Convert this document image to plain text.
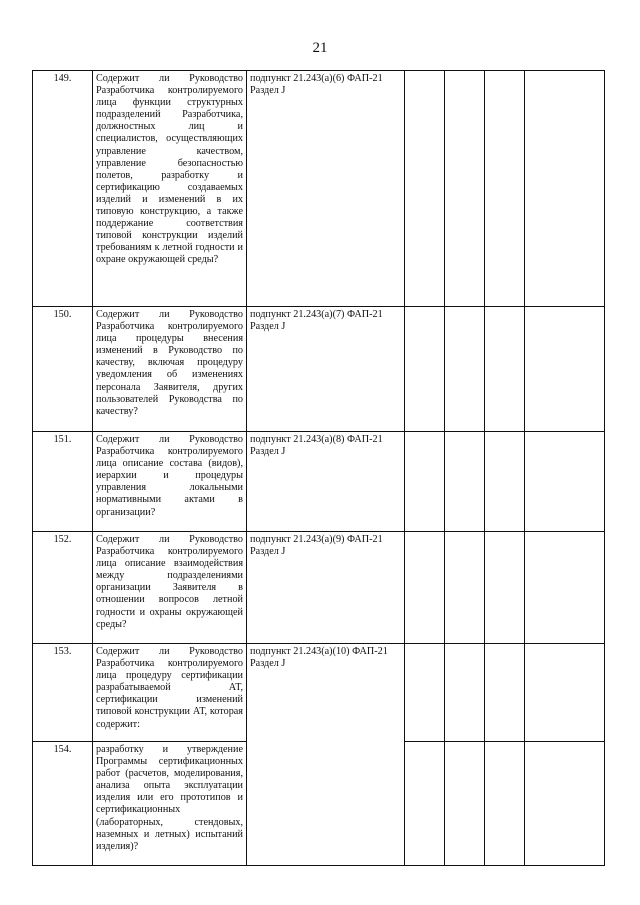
21
149.	Содержит ли Руководство Разработчика контролируемого лица функции структурных подразделений Разработчика, должностных лиц и специалистов, осуществляющих управление качеством, управление безопасностью полетов, разработку и сертификацию создаваемых изделий и изменений в их типовую конструкцию, а также поддержание соответствия типовой конструкции изделий требованиям к летной годности и охране окружающей среды?	подпункт 21.243(а)(6) ФАП-21
Раздел J				

150.	Содержит ли Руководство Разработчика контролируемого лица процедуры внесения изменений в Руководство по качеству, включая процедуру уведомления об изменениях персонала Заявителя, других пользователей Руководства по качеству?	подпункт 21.243(а)(7) ФАП-21
Раздел J				

151.	Содержит ли Руководство Разработчика контролируемого лица описание состава (видов), иерархии и процедуры управления локальными нормативными актами в организации?	подпункт 21.243(а)(8) ФАП-21
Раздел J				

152.	Содержит ли Руководство Разработчика контролируемого лица описание взаимодействия между подразделениями организации Заявителя в отношении вопросов летной годности и охраны окружающей среды?	подпункт 21.243(а)(9) ФАП-21
Раздел J				

153.	Содержит ли Руководство Разработчика контролируемого лица процедуру сертификации разрабатываемой АТ, сертификации изменений типовой конструкции АТ, которая содержит:	подпункт 21.243(а)(10) ФАП-21
Раздел J				

154.	разработку и утверждение Программы сертификационных работ (расчетов, моделирования, анализа опыта эксплуатации изделия или его прототипов и сертификационных (лабораторных, стендовых, наземных и летных) испытаний изделия)?					
